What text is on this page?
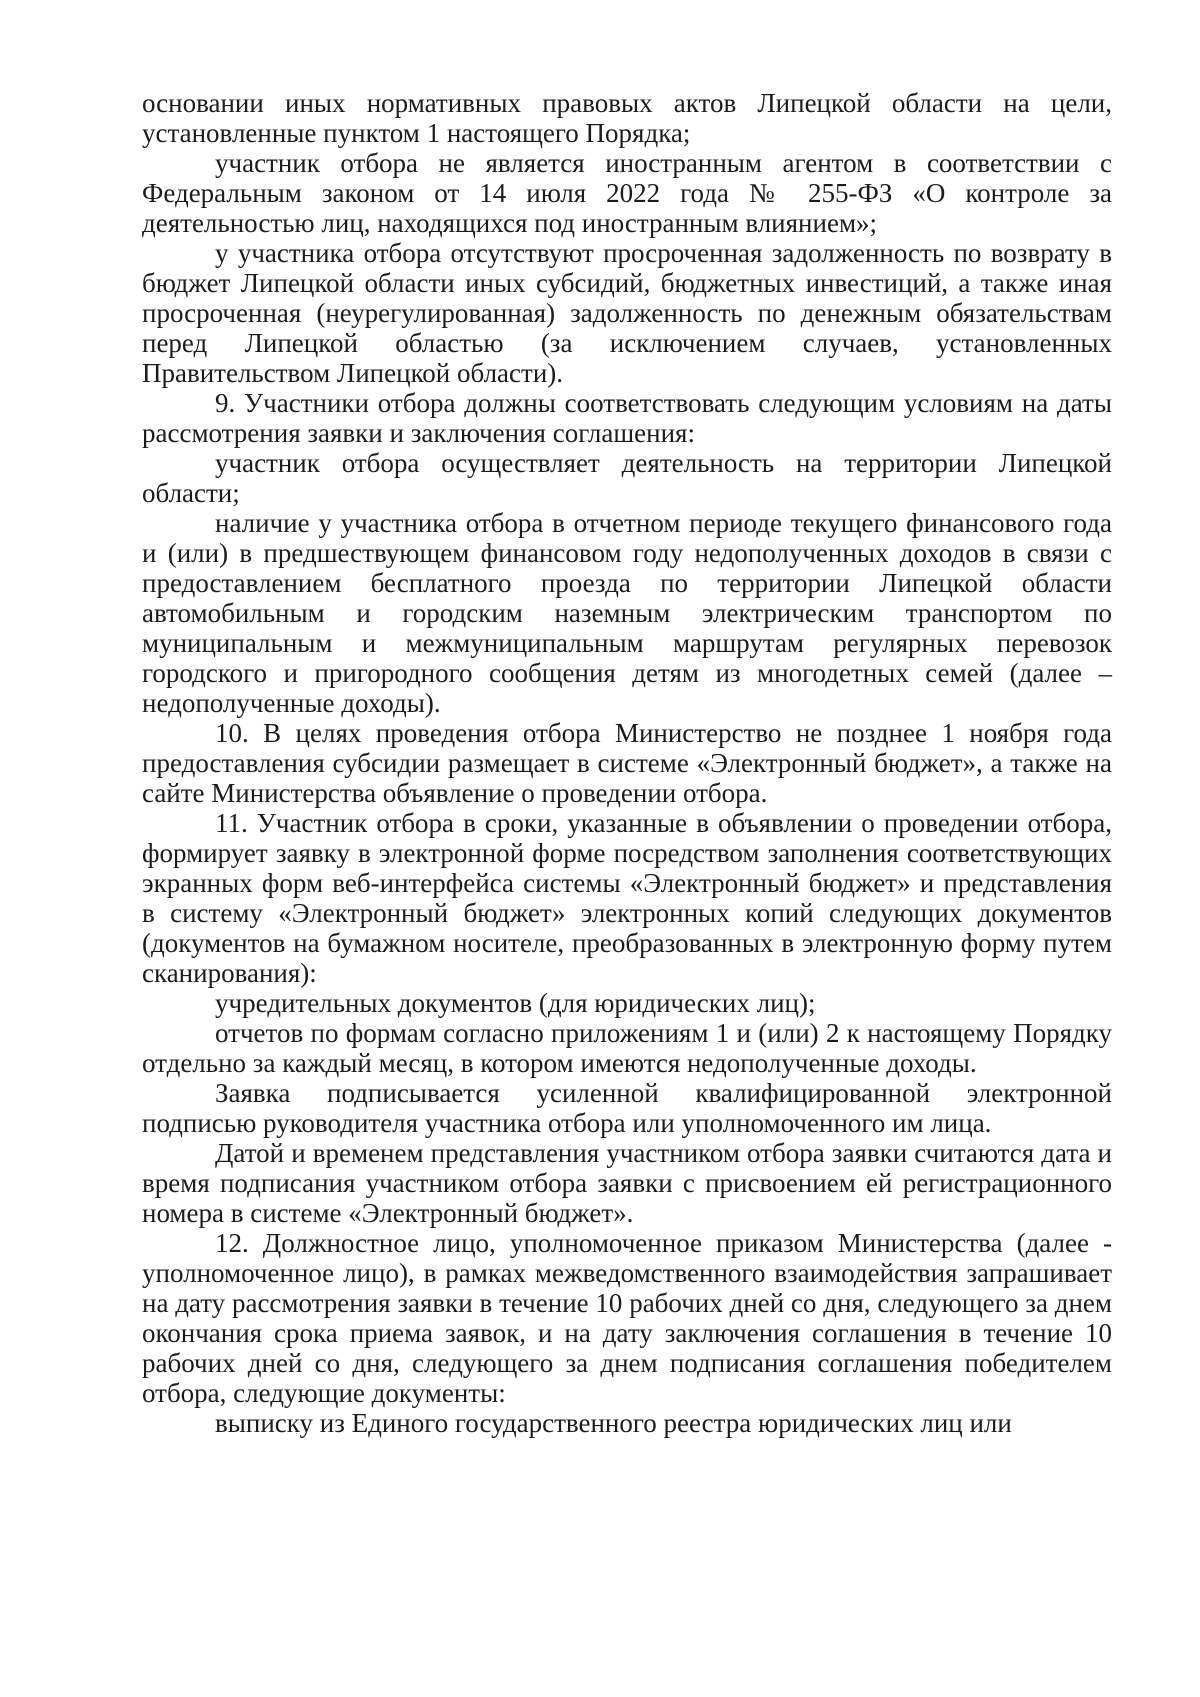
основании иных нормативных правовых актов Липецкой области на цели, установленные пунктом 1 настоящего Порядка;

участник отбора не является иностранным агентом в соответствии с Федеральным законом от 14 июля 2022 года № 255-ФЗ «О контроле за деятельностью лиц, находящихся под иностранным влиянием»;

у участника отбора отсутствуют просроченная задолженность по возврату в бюджет Липецкой области иных субсидий, бюджетных инвестиций, а также иная просроченная (неурегулированная) задолженность по денежным обязательствам перед Липецкой областью (за исключением случаев, установленных Правительством Липецкой области).

9. Участники отбора должны соответствовать следующим условиям на даты рассмотрения заявки и заключения соглашения:

участник отбора осуществляет деятельность на территории Липецкой области;

наличие у участника отбора в отчетном периоде текущего финансового года и (или) в предшествующем финансовом году недополученных доходов в связи с предоставлением бесплатного проезда по территории Липецкой области автомобильным и городским наземным электрическим транспортом по муниципальным и межмуниципальным маршрутам регулярных перевозок городского и пригородного сообщения детям из многодетных семей (далее – недополученные доходы).

10. В целях проведения отбора Министерство не позднее 1 ноября года предоставления субсидии размещает в системе «Электронный бюджет», а также на сайте Министерства объявление о проведении отбора.

11. Участник отбора в сроки, указанные в объявлении о проведении отбора, формирует заявку в электронной форме посредством заполнения соответствующих экранных форм веб-интерфейса системы «Электронный бюджет» и представления в систему «Электронный бюджет» электронных копий следующих документов (документов на бумажном носителе, преобразованных в электронную форму путем сканирования):

учредительных документов (для юридических лиц);

отчетов по формам согласно приложениям 1 и (или) 2 к настоящему Порядку отдельно за каждый месяц, в котором имеются недополученные доходы.

Заявка подписывается усиленной квалифицированной электронной подписью руководителя участника отбора или уполномоченного им лица.

Датой и временем представления участником отбора заявки считаются дата и время подписания участником отбора заявки с присвоением ей регистрационного номера в системе «Электронный бюджет».

12. Должностное лицо, уполномоченное приказом Министерства (далее - уполномоченное лицо), в рамках межведомственного взаимодействия запрашивает на дату рассмотрения заявки в течение 10 рабочих дней со дня, следующего за днем окончания срока приема заявок, и на дату заключения соглашения в течение 10 рабочих дней со дня, следующего за днем подписания соглашения победителем отбора, следующие документы:

выписку из Единого государственного реестра юридических лиц или
